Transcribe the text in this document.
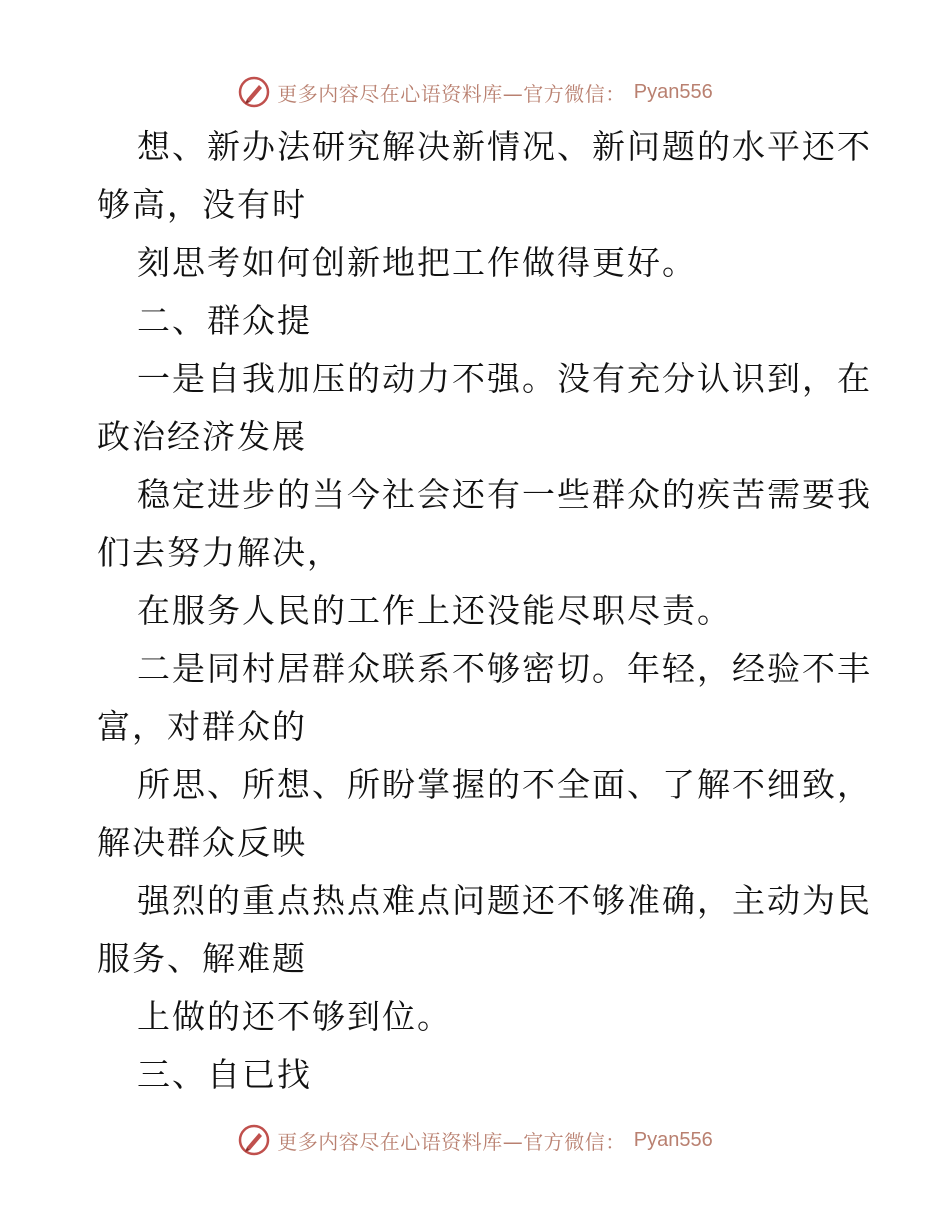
更多内容尽在心语资料库—官方微信： Pyan556
想、新办法研究解决新情况、新问题的水平还不
够高，没有时
刻思考如何创新地把工作做得更好。
二、群众提
一是自我加压的动力不强。没有充分认识到，在
政治经济发展
稳定进步的当今社会还有一些群众的疾苦需要我
们去努力解决，
在服务人民的工作上还没能尽职尽责。
二是同村居群众联系不够密切。年轻，经验不丰
富，对群众的
所思、所想、所盼掌握的不全面、了解不细致，
解决群众反映
强烈的重点热点难点问题还不够准确，主动为民
服务、解难题
上做的还不够到位。
三、自已找
更多内容尽在心语资料库—官方微信： Pyan556
